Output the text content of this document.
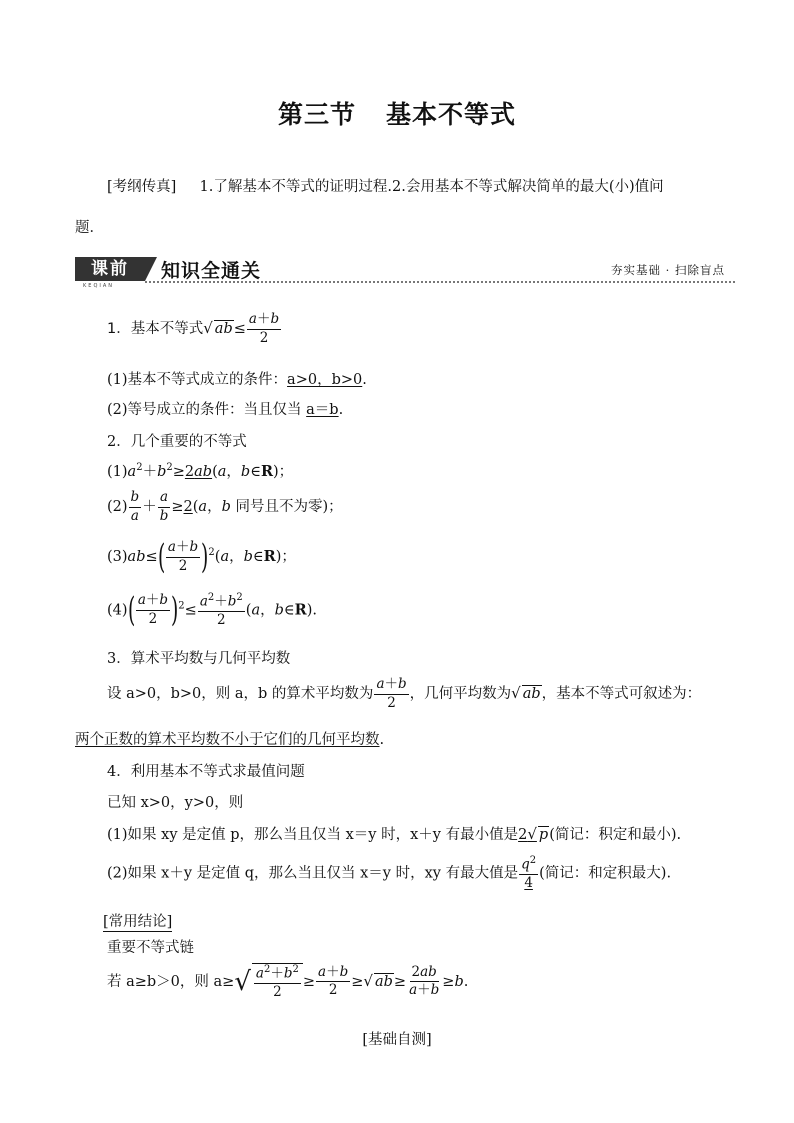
第三节 基本不等式
[考纲传真] 1.了解基本不等式的证明过程.2.会用基本不等式解决简单的最大(小)值问
题．
课前
KEQIAN
知识全通关	夯实基础 · 扫除盲点
1．基本不等式√ $ab\le \frac{a+b}{2}$
(1)基本不等式成立的条件：a>0，b>0.
(2)等号成立的条件：当且仅当 a＝b.
2．几个重要的不等式
$(1)a^2+b^2\ge 2ab(a$，b∈R)；
$(2) \frac{b}{a} + \frac{a}{b} \ge 2(a$，b 同号且不为零)；
$(3)ab\le( \frac{a+b}{2} )^2(a$，b∈R)；
$(4)( \frac{a+b}{2} )^2\le \frac{a^2+b^2}{2} (a$，b∈R).
3．算术平均数与几何平均数
设 a>0，b>0，则 a，b 的算术平均数为 $\frac{a+b}{2}$ ，几何平均数为√ ab，基本不等式可叙述为：
两个正数的算术平均数不小于它们的几何平均数.
4．利用基本不等式求最值问题
已知 x>0，y>0，则
(1)如果 xy 是定值 p，那么当且仅当 x＝y 时，x＋y 有最小值是2√ p(简记：积定和最小).
(2)如果 x＋y 是定值 q，那么当且仅当 x＝y 时，xy 有最大值是 $\frac{q^2}{4}$ (简记：和定积最大).
[常用结论]
重要不等式链
若 a≥b＞0，则 $a\ge√ \frac{a^2+b^2}{2} \ge \frac{a+b}{2}$ ≥√ $ab\ge \frac{2ab}{a+b} \ge b$.
[基础自测]
